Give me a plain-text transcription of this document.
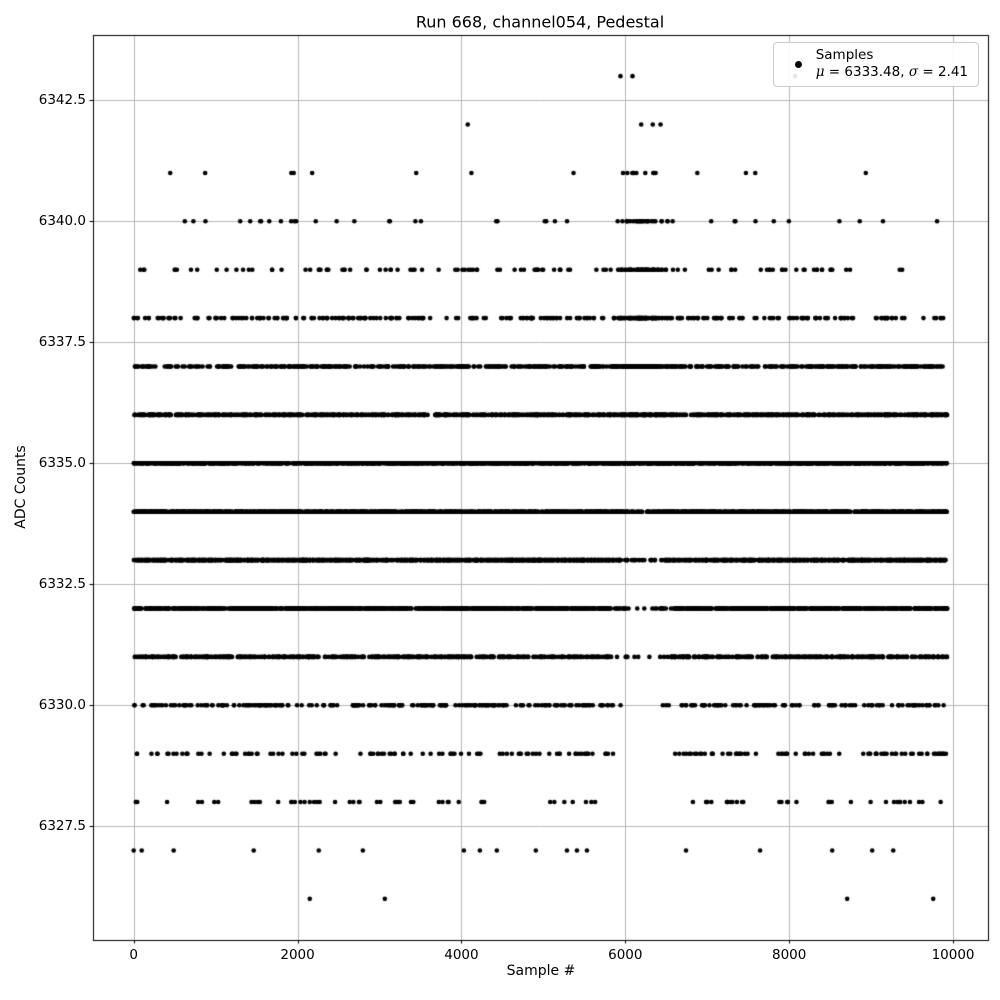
Run 668, channel054, Pedestal
0	2000	4000	6000	8000	10000
6327.5
6330.0
6332.5
6335.0
6337.5
6340.0
6342.5
Sample #
ADC Counts
Samples
μ = 6333.48, σ = 2.41
